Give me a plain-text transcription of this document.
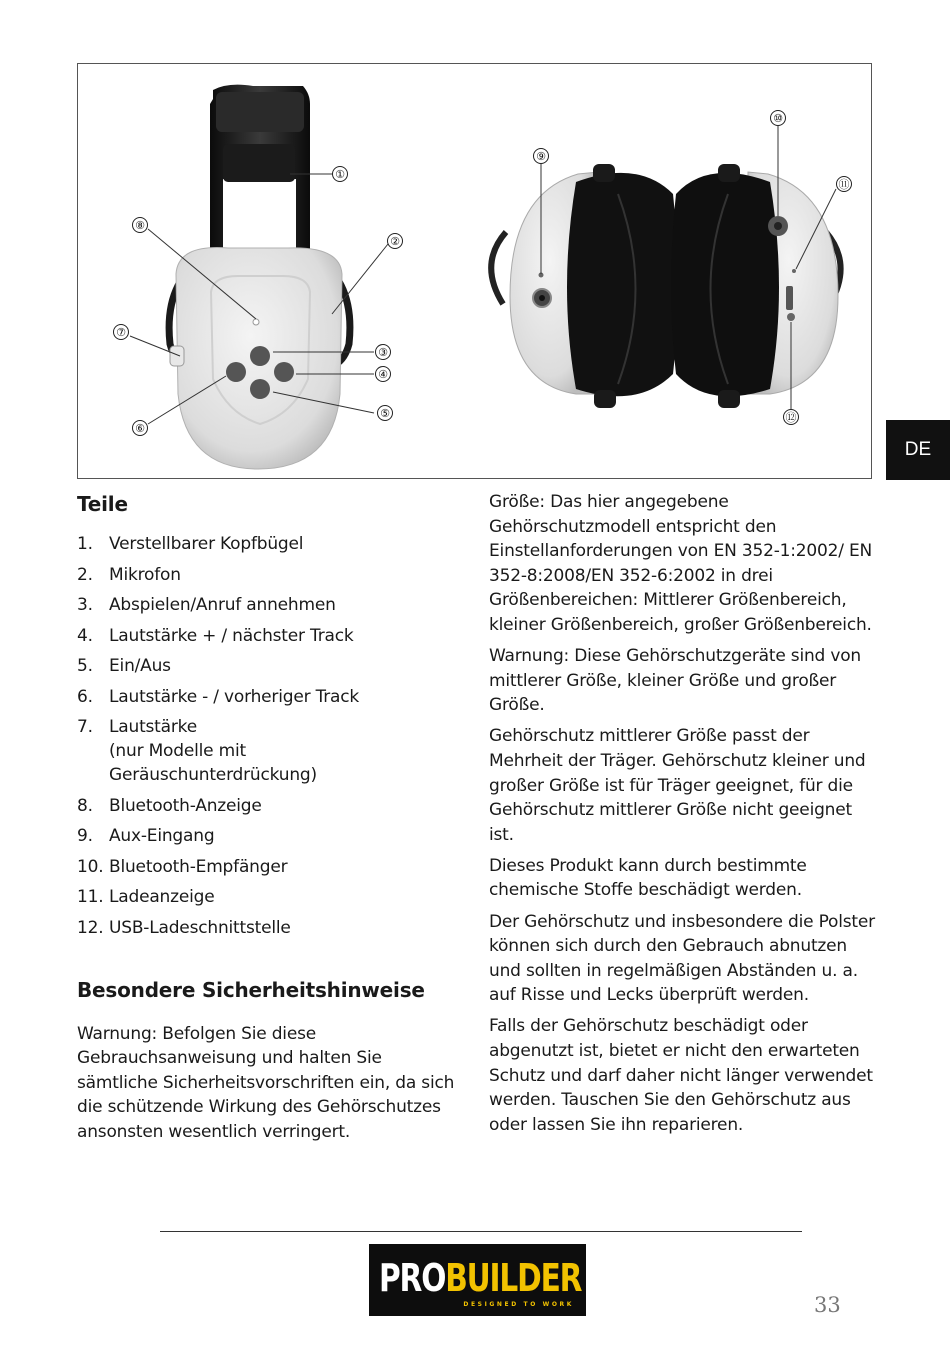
①
②
③
④
⑤
⑥
⑦
⑧
⑨
⑩
⑪
⑫
DE
Teile
1. Verstellbarer Kopfbügel
2. Mikrofon
3. Abspielen/Anruf annehmen
4. Lautstärke + / nächster Track
5. Ein/Aus
6. Lautstärke - / vorheriger Track
7. Lautstärke
(nur Modelle mit
Geräuschunterdrückung)
8. Bluetooth-Anzeige
9. Aux-Eingang
10. Bluetooth-Empfänger
11. Ladeanzeige
12. USB-Ladeschnittstelle
Besondere Sicherheitshinweise

Warnung: Befolgen Sie diese Gebrauchsanweisung und halten Sie sämtliche Sicherheitsvorschriften ein, da sich die schützende Wirkung des Gehörschutzes ansonsten wesentlich verringert.

Größe: Das hier angegebene Gehörschutzmodell entspricht den Einstellanforderungen von EN 352-1:2002/ EN 352-8:2008/EN 352-6:2002 in drei Größenbereichen: Mittlerer Größenbereich, kleiner Größenbereich, großer Größenbereich.

Warnung: Diese Gehörschutzgeräte sind von mittlerer Größe, kleiner Größe und großer Größe.

Gehörschutz mittlerer Größe passt der Mehrheit der Träger. Gehörschutz kleiner und großer Größe ist für Träger geeignet, für die Gehörschutz mittlerer Größe nicht geeignet ist.

Dieses Produkt kann durch bestimmte chemische Stoffe beschädigt werden.

Der Gehörschutz und insbesondere die Polster können sich durch den Gebrauch abnutzen und sollten in regelmäßigen Abständen u. a. auf Risse und Lecks überprüft werden.

Falls der Gehörschutz beschädigt oder abgenutzt ist, bietet er nicht den erwarteten Schutz und darf daher nicht länger verwendet werden. Tauschen Sie den Gehörschutz aus oder lassen Sie ihn reparieren.

PROBUILDER
DESIGNED TO WORK	33
